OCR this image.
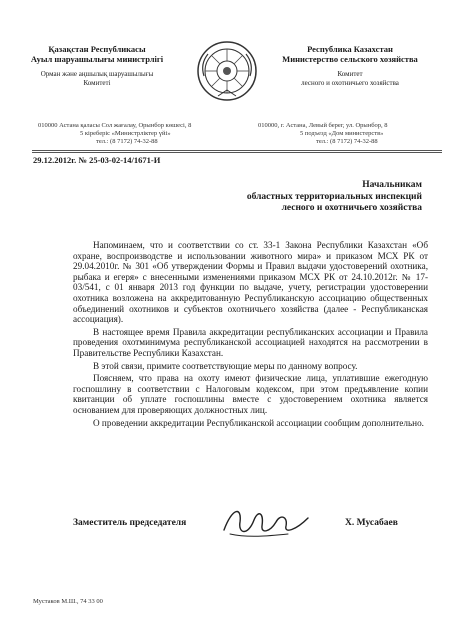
Қазақстан Республикасы
Ауыл шаруашылығы министрлігі
Орман және аңшылық шаруашылығы
Комитеті
Республика Казахстан
Министерство сельского хозяйства
Комитет
лесного и охотничьего хозяйства
010000 Астана қаласы Сол жағалау, Орынбор көшесі, 8
5 кіреберіс «Министрліктер үйі»
тел.: (8 7172) 74-32-88
010000, г. Астана, Левый берег, ул. Орынбор, 8
5 подъезд «Дом министерств»
тел.: (8 7172) 74-32-88
29.12.2012г. № 25-03-02-14/1671-И
Начальникам
областных территориальных инспекций
лесного и охотничьего хозяйства

Напоминаем, что и соответствии со ст. 33-1 Закона Республики Казахстан «Об охране, воспроизводстве и использовании животного мира» и приказом МСХ РК от 29.04.2010г. № 301 «Об утверждении Формы и Правил выдачи удостоверений охотника, рыбака и егеря» с внесенными изменениями приказом МСХ РК от 24.10.2012г. № 17-03/541, с 01 января 2013 год функции по выдаче, учету, регистрации удостоверении охотника возложена на аккредитованную Республиканскую ассоциацию общественных объединений охотников и субъектов охотничьего хозяйства (далее - Республиканская ассоциация).

В настоящее время Правила аккредитации республиканских ассоциации и Правила проведения охотминимума республиканской ассоциацией находятся на рассмотрении в Правительстве Республики Казахстан.

В этой связи, примите соответствующие меры по данному вопросу.

Поясняем, что права на охоту имеют физические лица, уплатившие ежегодную госпошлину в соответствии с Налоговым кодексом, при этом предъявление копии квитанции об уплате госпошлины вместе с удостоверением охотника является основанием для проверяющих должностных лиц.

О проведении аккредитации Республиканской ассоциации сообщим дополнительно.

Заместитель председателя	Х. Мусабаев
Мустаков М.Ш., 74 33 00
